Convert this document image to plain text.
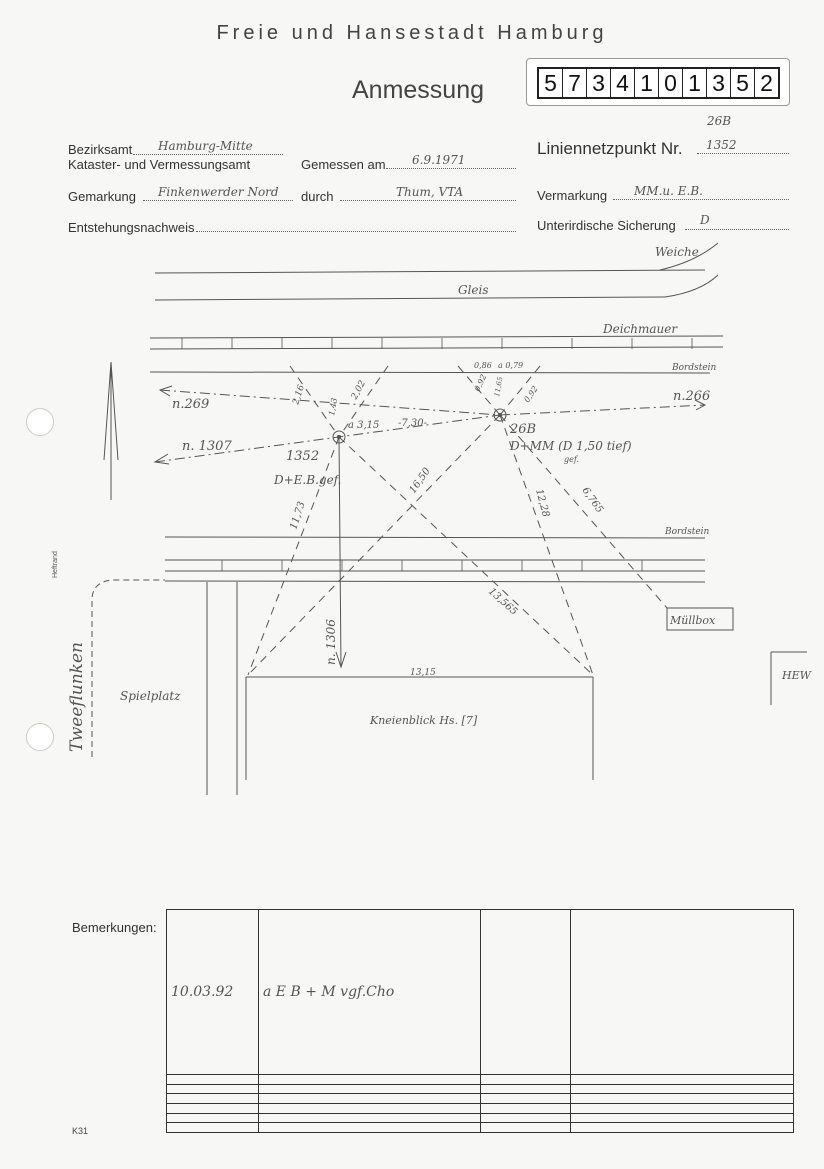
Freie und Hansestadt Hamburg
Anmessung	5 7 3 4 1 0 1 3 5 2
Bezirksamt Hamburg-Mitte
Kataster- und Vermessungsamt	Gemessen am 6.9.1971
Gemarkung Finkenwerder Nord durch	Thum, VTA
Entstehungsnachweis
26B
Liniennetzpunkt Nr. 1352
Vermarkung MM.u. E.B.
Unterirdische Sicherung D
Weiche
Gleis
Deichmauer
Bordstein
Bordstein
n.269
n.266
n. 1307
n. 1306
1352
D+E.B.gef.
26B
D+MM (D 1,50 tief)
gef.
2,16	2,02
1,43
a 3,15 -7,30-
0,86 a 0,79
0,92
0,92
11,65
11,73
16,50
12,28	6,765
13,565
13,15
Müllbox
HEW
Spielplatz
Tweeflunken	Kneienblick Hs. [7]
Heftrand
Bemerkungen:
10.03.92	a E B + M vgf.Cho		

K31
